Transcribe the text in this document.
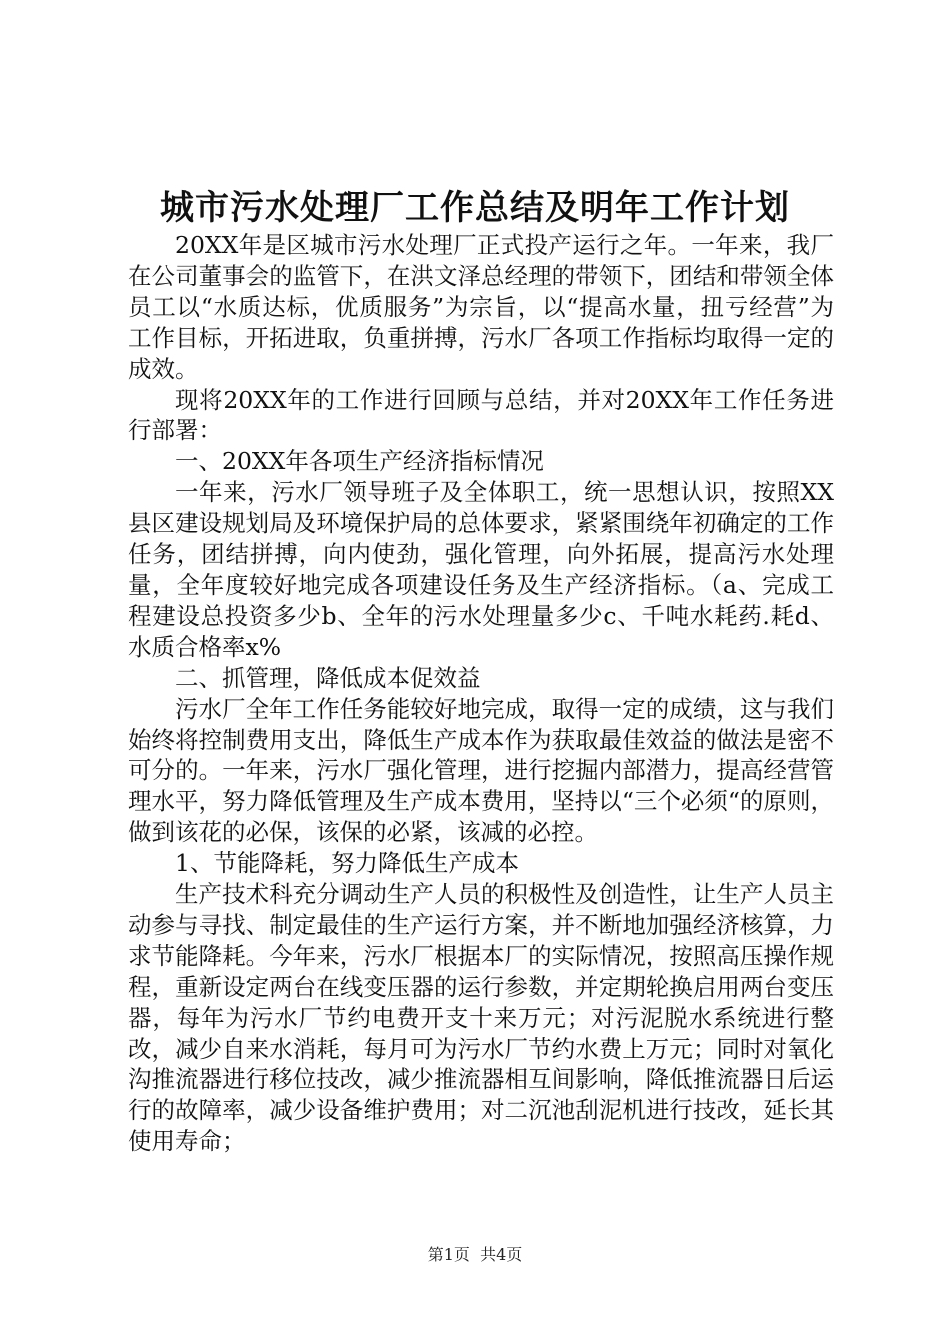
城市污水处理厂工作总结及明年工作计划

20XX年是区城市污水处理厂正式投产运行之年。一年来，我厂在公司董事会的监管下，在洪文泽总经理的带领下，团结和带领全体员工以“水质达标，优质服务”为宗旨，以“提高水量，扭亏经营”为工作目标，开拓进取，负重拼搏，污水厂各项工作指标均取得一定的成效。

现将20XX年的工作进行回顾与总结，并对20XX年工作任务进行部署：

一、20XX年各项生产经济指标情况

一年来，污水厂领导班子及全体职工，统一思想认识，按照XX县区建设规划局及环境保护局的总体要求，紧紧围绕年初确定的工作任务，团结拼搏，向内使劲，强化管理，向外拓展，提高污水处理量，全年度较好地完成各项建设任务及生产经济指标。（a、完成工程建设总投资多少b、全年的污水处理量多少c、千吨水耗药.耗d、水质合格率x%

二、抓管理，降低成本促效益

污水厂全年工作任务能较好地完成，取得一定的成绩，这与我们始终将控制费用支出，降低生产成本作为获取最佳效益的做法是密不可分的。一年来，污水厂强化管理，进行挖掘内部潜力，提高经营管理水平，努力降低管理及生产成本费用，坚持以“三个必须“的原则，做到该花的必保，该保的必紧，该减的必控。

1、节能降耗，努力降低生产成本

生产技术科充分调动生产人员的积极性及创造性，让生产人员主动参与寻找、制定最佳的生产运行方案，并不断地加强经济核算，力求节能降耗。今年来，污水厂根据本厂的实际情况，按照高压操作规程，重新设定两台在线变压器的运行参数，并定期轮换启用两台变压器，每年为污水厂节约电费开支十来万元；对污泥脱水系统进行整改，减少自来水消耗，每月可为污水厂节约水费上万元；同时对氧化沟推流器进行移位技改，减少推流器相互间影响，降低推流器日后运行的故障率，减少设备维护费用；对二沉池刮泥机进行技改，延长其使用寿命；

第1页 共4页
